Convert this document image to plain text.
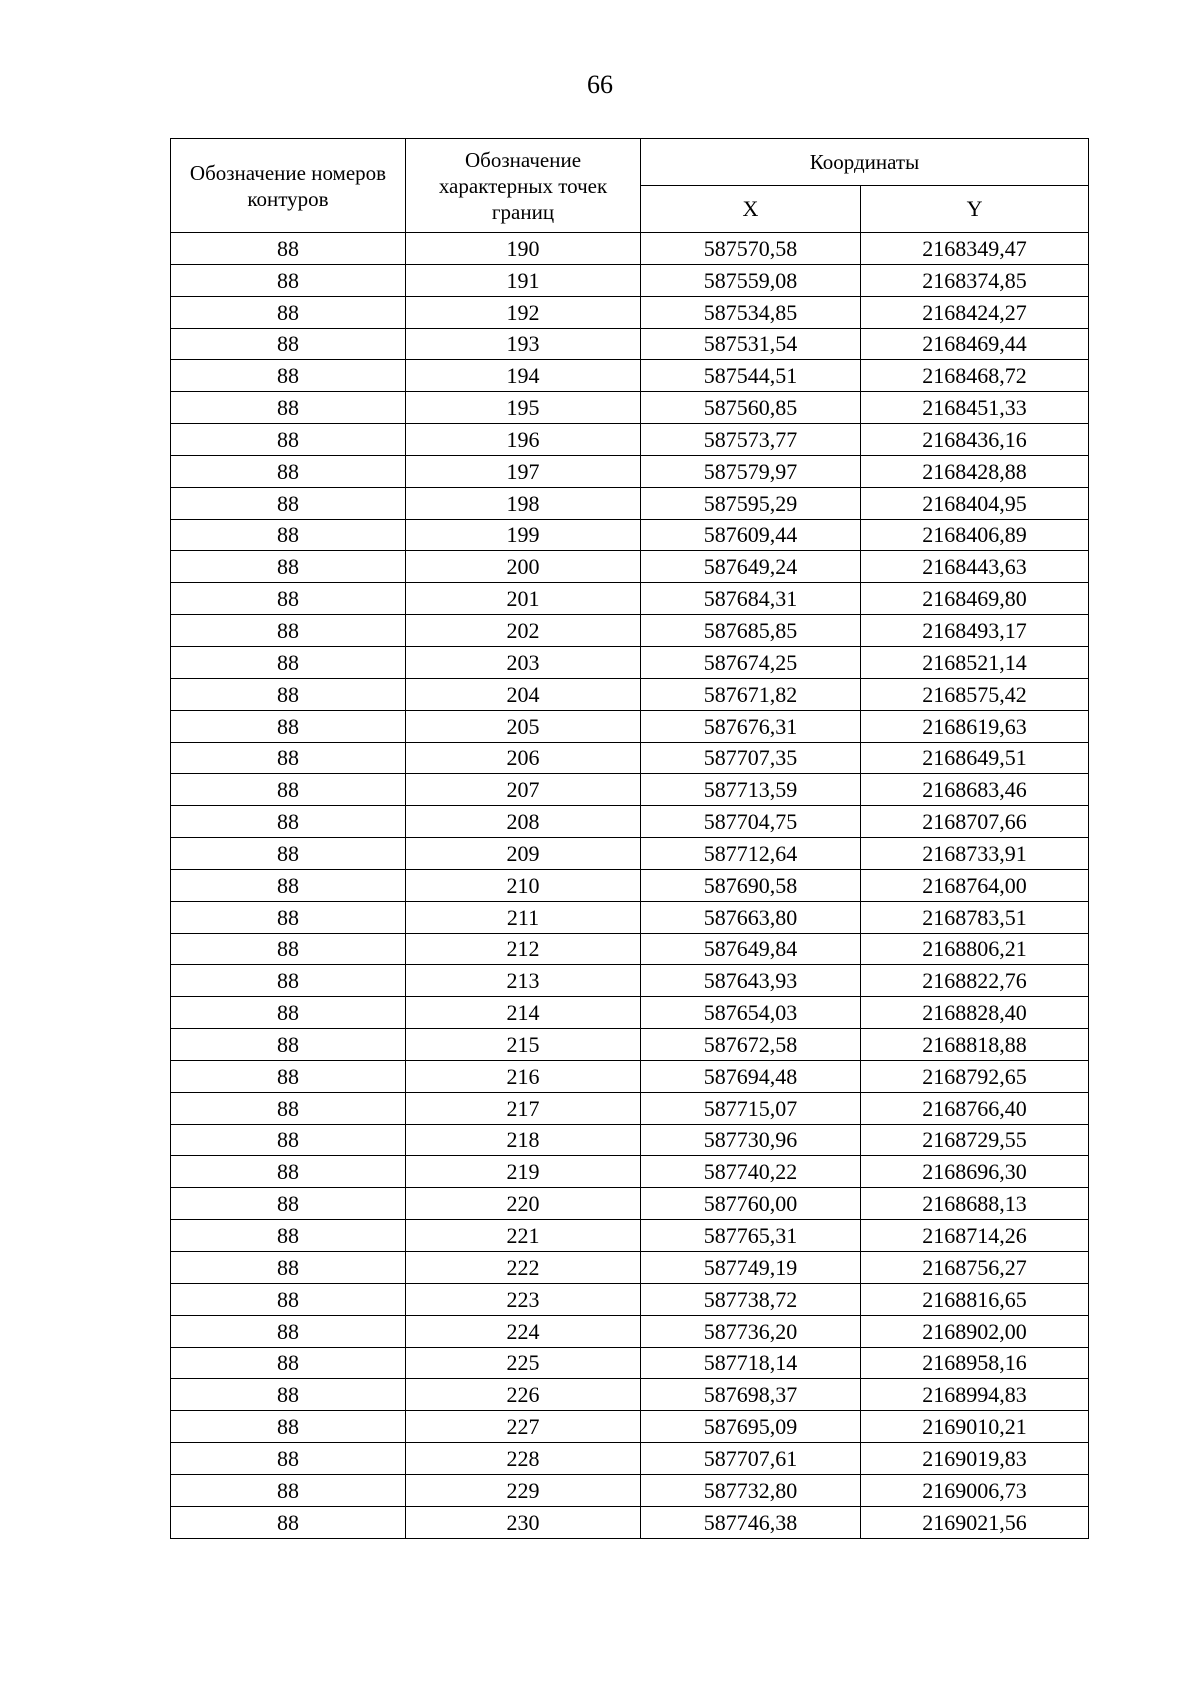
66
Обозначение номеров контуров	Обозначение характерных точек границ	Координаты	
		X	Y
88	190	587570,58	2168349,47
88	191	587559,08	2168374,85
88	192	587534,85	2168424,27
88	193	587531,54	2168469,44
88	194	587544,51	2168468,72
88	195	587560,85	2168451,33
88	196	587573,77	2168436,16
88	197	587579,97	2168428,88
88	198	587595,29	2168404,95
88	199	587609,44	2168406,89
88	200	587649,24	2168443,63
88	201	587684,31	2168469,80
88	202	587685,85	2168493,17
88	203	587674,25	2168521,14
88	204	587671,82	2168575,42
88	205	587676,31	2168619,63
88	206	587707,35	2168649,51
88	207	587713,59	2168683,46
88	208	587704,75	2168707,66
88	209	587712,64	2168733,91
88	210	587690,58	2168764,00
88	211	587663,80	2168783,51
88	212	587649,84	2168806,21
88	213	587643,93	2168822,76
88	214	587654,03	2168828,40
88	215	587672,58	2168818,88
88	216	587694,48	2168792,65
88	217	587715,07	2168766,40
88	218	587730,96	2168729,55
88	219	587740,22	2168696,30
88	220	587760,00	2168688,13
88	221	587765,31	2168714,26
88	222	587749,19	2168756,27
88	223	587738,72	2168816,65
88	224	587736,20	2168902,00
88	225	587718,14	2168958,16
88	226	587698,37	2168994,83
88	227	587695,09	2169010,21
88	228	587707,61	2169019,83
88	229	587732,80	2169006,73
88	230	587746,38	2169021,56
